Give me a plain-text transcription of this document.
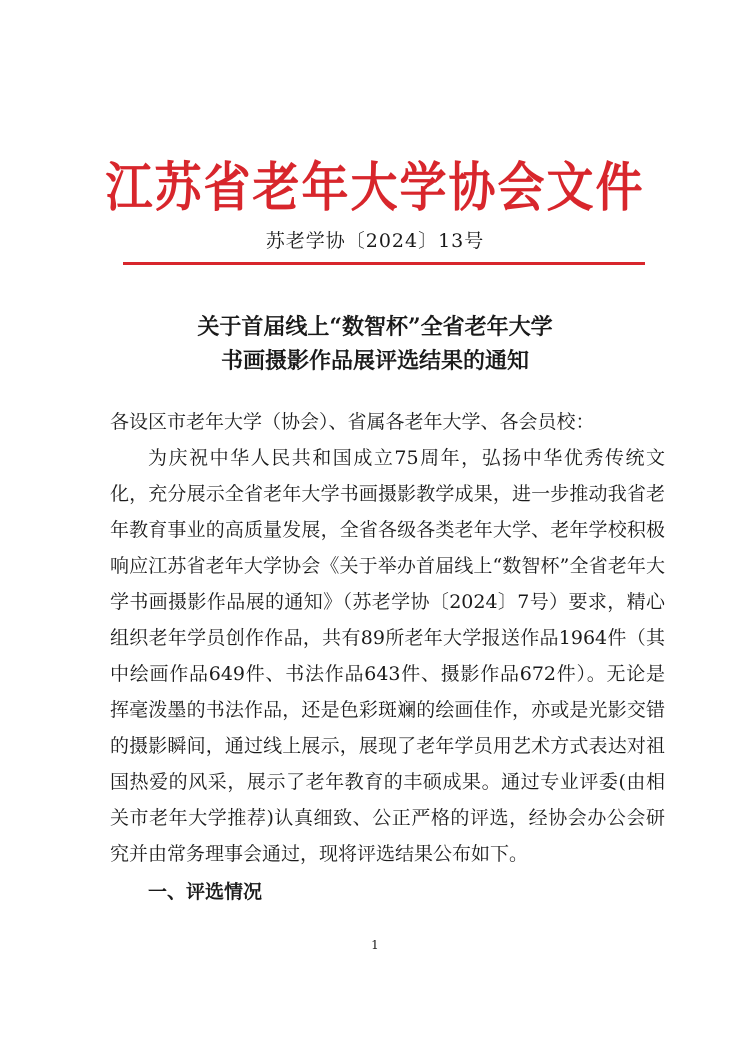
江苏省老年大学协会文件
苏老学协〔2024〕13号
关于首届线上“数智杯”全省老年大学
书画摄影作品展评选结果的通知

各设区市老年大学（协会）、省属各老年大学、各会员校：

为庆祝中华人民共和国成立75周年，弘扬中华优秀传统文化，充分展示全省老年大学书画摄影教学成果，进一步推动我省老年教育事业的高质量发展，全省各级各类老年大学、老年学校积极响应江苏省老年大学协会《关于举办首届线上“数智杯”全省老年大学书画摄影作品展的通知》（苏老学协〔2024〕7号）要求，精心组织老年学员创作作品，共有89所老年大学报送作品1964件（其中绘画作品649件、书法作品643件、摄影作品672件）。无论是挥毫泼墨的书法作品，还是色彩斑斓的绘画佳作，亦或是光影交错的摄影瞬间，通过线上展示，展现了老年学员用艺术方式表达对祖国热爱的风采，展示了老年教育的丰硕成果。通过专业评委(由相关市老年大学推荐)认真细致、公正严格的评选，经协会办公会研究并由常务理事会通过，现将评选结果公布如下。

一、评选情况

1
